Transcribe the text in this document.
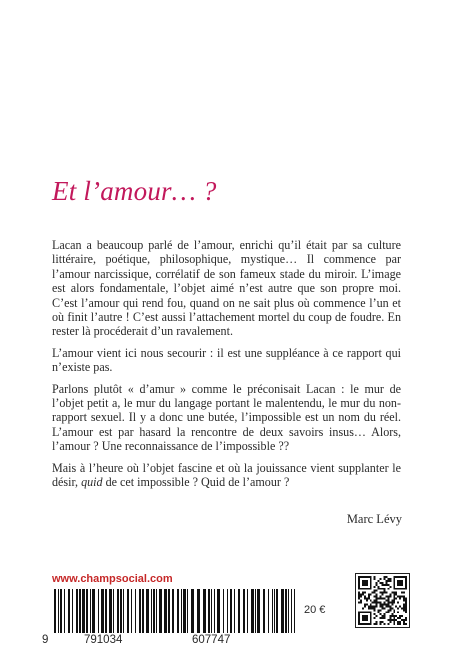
Et l’amour… ?

Lacan a beaucoup parlé de l’amour, enrichi qu’il était par sa culture littéraire, poétique, philosophique, mystique… Il commence par l’amour narcissique, corrélatif de son fameux stade du miroir. L’image est alors fondamentale, l’objet aimé n’est autre que son propre moi. C’est l’amour qui rend fou, quand on ne sait plus où commence l’un et où finit l’autre ! C’est aussi l’attachement mortel du coup de foudre. En rester là procéderait d’un ravalement.

L’amour vient ici nous secourir : il est une suppléance à ce rapport qui n’existe pas.

Parlons plutôt « d’amur » comme le préconisait Lacan : le mur de l’objet petit a, le mur du langage portant le malentendu, le mur du non-rapport sexuel. Il y a donc une butée, l’impossible est un nom du réel. L’amour est par hasard la rencontre de deux savoirs insus… Alors, l’amour ? Une reconnaissance de l’impossible ??

Mais à l’heure où l’objet fascine et où la jouissance vient supplanter le désir, quid de cet impossible ? Quid de l’amour ?

Marc Lévy
www.champsocial.com
9	791034	607747
20 €
